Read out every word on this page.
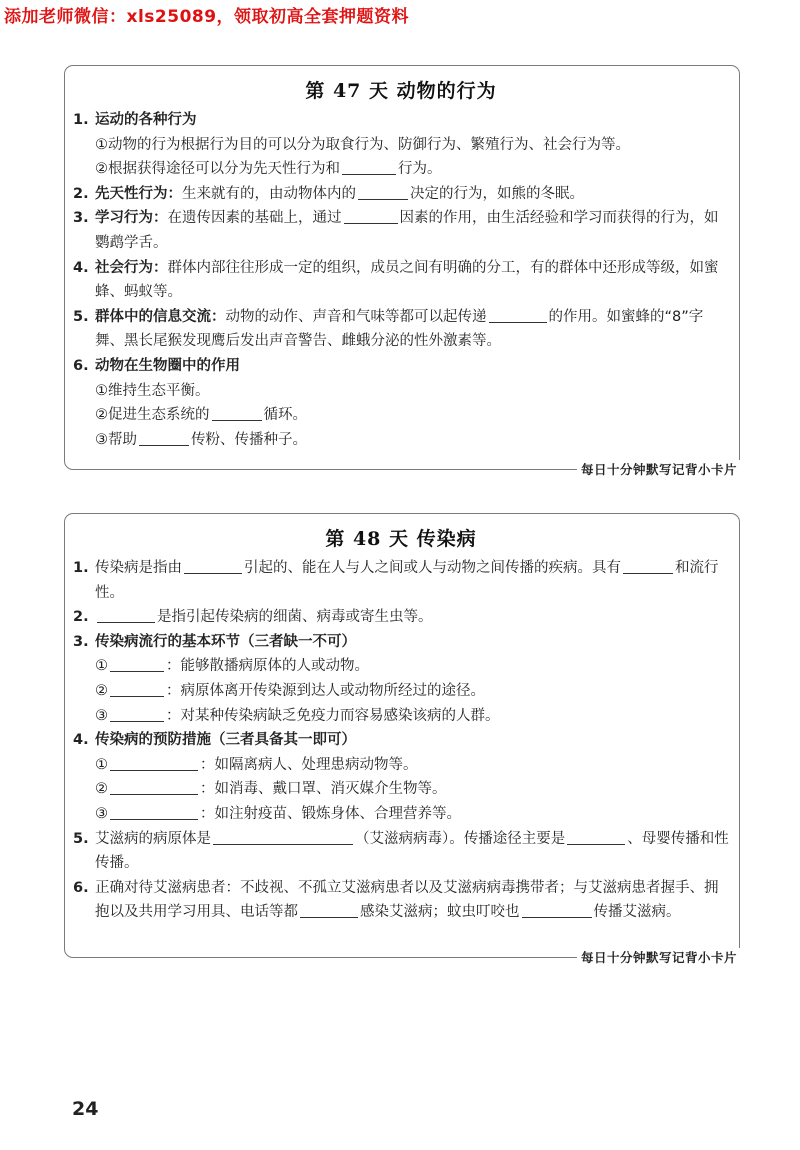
添加老师微信：xls25089，领取初高全套押题资料
第 47 天 动物的行为
1. 运动的各种行为
①动物的行为根据行为目的可以分为取食行为、防御行为、繁殖行为、社会行为等。
②根据获得途径可以分为先天性行为和	行为。
2. 先天性行为：生来就有的，由动物体内的	决定的行为，如熊的冬眠。
3. 学习行为：在遗传因素的基础上，通过	因素的作用，由生活经验和学习而获得的行为，如鹦鹉学舌。
4. 社会行为：群体内部往往形成一定的组织，成员之间有明确的分工，有的群体中还形成等级，如蜜蜂、蚂蚁等。
5. 群体中的信息交流：动物的动作、声音和气味等都可以起传递	的作用。如蜜蜂的“8”字舞、黑长尾猴发现鹰后发出声音警告、雌蛾分泌的性外激素等。
6. 动物在生物圈中的作用
①维持生态平衡。
②促进生态系统的	循环。
③帮助	传粉、传播种子。
每日十分钟默写记背小卡片
第 48 天 传染病
1. 传染病是指由	引起的、能在人与人之间或人与动物之间传播的疾病。具有	和流行性。
2.	是指引起传染病的细菌、病毒或寄生虫等。
3. 传染病流行的基本环节（三者缺一不可）
①	：能够散播病原体的人或动物。
②	：病原体离开传染源到达人或动物所经过的途径。
③	：对某种传染病缺乏免疫力而容易感染该病的人群。
4. 传染病的预防措施（三者具备其一即可）
①	：如隔离病人、处理患病动物等。
②	：如消毒、戴口罩、消灭媒介生物等。
③	：如注射疫苗、锻炼身体、合理营养等。
5. 艾滋病的病原体是	（艾滋病病毒）。传播途径主要是	、母婴传播和性传播。
6. 正确对待艾滋病患者：不歧视、不孤立艾滋病患者以及艾滋病病毒携带者；与艾滋病患者握手、拥抱以及共用学习用具、电话等都	感染艾滋病；蚊虫叮咬也	传播艾滋病。
每日十分钟默写记背小卡片
24
